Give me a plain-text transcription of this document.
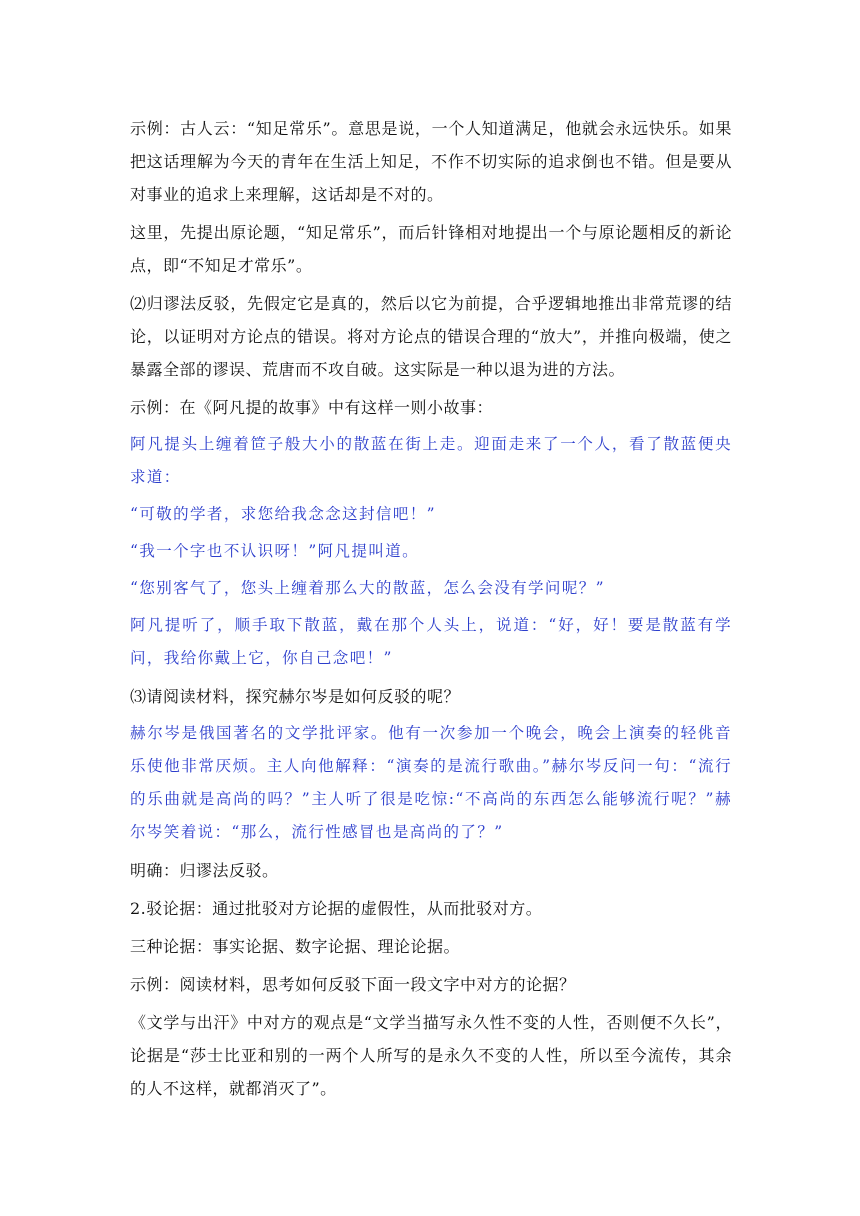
示例：古人云：“知足常乐”。意思是说，一个人知道满足，他就会永远快乐。如果把这话理解为今天的青年在生活上知足，不作不切实际的追求倒也不错。但是要从对事业的追求上来理解，这话却是不对的。

这里，先提出原论题，“知足常乐”，而后针锋相对地提出一个与原论题相反的新论点，即“不知足才常乐”。

⑵归谬法反驳，先假定它是真的，然后以它为前提，合乎逻辑地推出非常荒谬的结论，以证明对方论点的错误。将对方论点的错误合理的“放大”，并推向极端，使之暴露全部的谬误、荒唐而不攻自破。这实际是一种以退为进的方法。

示例：在《阿凡提的故事》中有这样一则小故事：

阿凡提头上缠着笸子般大小的散蓝在街上走。迎面走来了一个人，看了散蓝便央求道：

“可敬的学者，求您给我念念这封信吧！”

“我一个字也不认识呀！”阿凡提叫道。

“您别客气了，您头上缠着那么大的散蓝，怎么会没有学问呢？”

阿凡提听了，顺手取下散蓝，戴在那个人头上，说道：“好，好！要是散蓝有学问，我给你戴上它，你自己念吧！”

⑶请阅读材料，探究赫尔岑是如何反驳的呢？

赫尔岑是俄国著名的文学批评家。他有一次参加一个晚会，晚会上演奏的轻佻音乐使他非常厌烦。主人向他解释：“演奏的是流行歌曲。”赫尔岑反问一句：“流行的乐曲就是高尚的吗？”主人听了很是吃惊:“不高尚的东西怎么能够流行呢？”赫尔岑笑着说：“那么，流行性感冒也是高尚的了？”

明确：归谬法反驳。

2.驳论据：通过批驳对方论据的虚假性，从而批驳对方。

三种论据：事实论据、数字论据、理论论据。

示例：阅读材料，思考如何反驳下面一段文字中对方的论据？

《文学与出汗》中对方的观点是“文学当描写永久性不变的人性，否则便不久长”，论据是“莎士比亚和别的一两个人所写的是永久不变的人性，所以至今流传，其余的人不这样，就都消灭了”。
